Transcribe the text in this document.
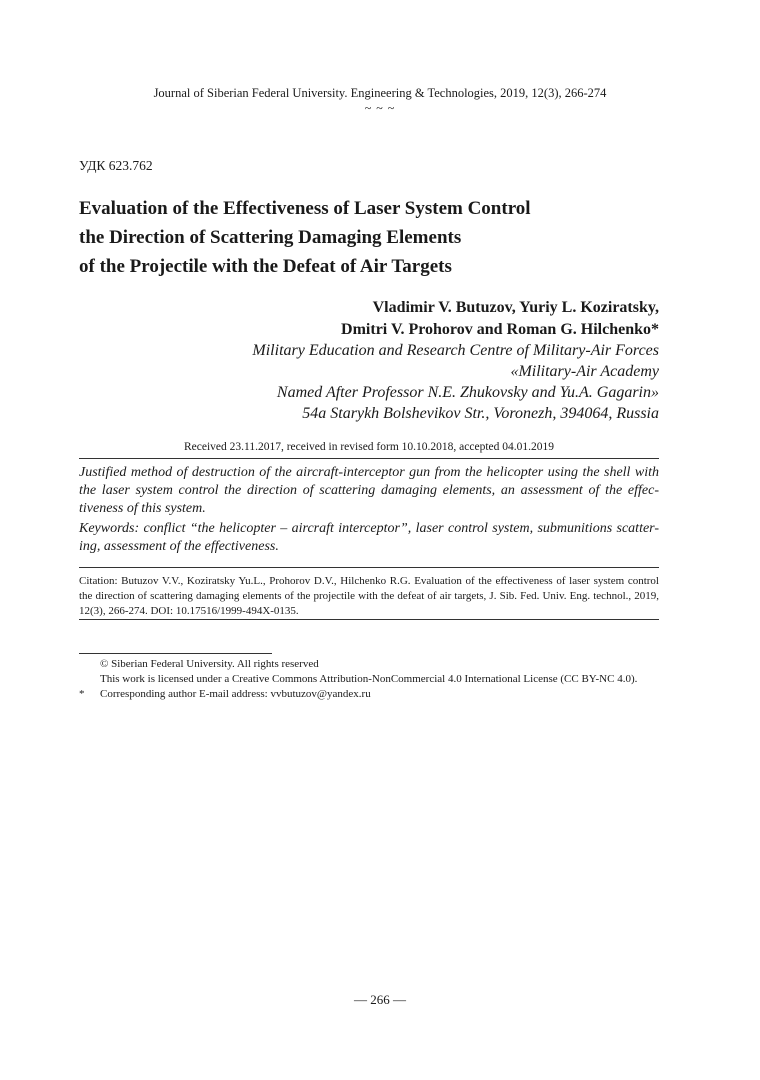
Journal of Siberian Federal University. Engineering & Technologies, 2019, 12(3), 266-274
~ ~ ~
УДК 623.762
Evaluation of the Effectiveness of Laser System Control
the Direction of Scattering Damaging Elements
of the Projectile with the Defeat of Air Targets
Vladimir V. Butuzov, Yuriy L. Koziratsky,
Dmitri V. Prohorov and Roman G. Hilchenko*
Military Education and Research Centre of Military-Air Forces
«Military-Air Academy
Named After Professor N.E. Zhukovsky and Yu.A. Gagarin»
54a Starykh Bolshevikov Str., Voronezh, 394064, Russia
Received 23.11.2017, received in revised form 10.10.2018, accepted 04.01.2019
Justified method of destruction of the aircraft-interceptor gun from the helicopter using the shell with the laser system control the direction of scattering damaging elements, an assessment of the effec-tiveness of this system.
Keywords: conflict “the helicopter – aircraft interceptor”, laser control system, submunitions scatter-ing, assessment of the effectiveness.
Citation: Butuzov V.V., Koziratsky Yu.L., Prohorov D.V., Hilchenko R.G. Evaluation of the effectiveness of laser system control the direction of scattering damaging elements of the projectile with the defeat of air targets, J. Sib. Fed. Univ. Eng. technol., 2019, 12(3), 266-274. DOI: 10.17516/1999-494X-0135.
© Siberian Federal University. All rights reserved
This work is licensed under a Creative Commons Attribution-NonCommercial 4.0 International License (CC BY-NC 4.0).
* Corresponding author E-mail address: vvbutuzov@yandex.ru
— 266 —
